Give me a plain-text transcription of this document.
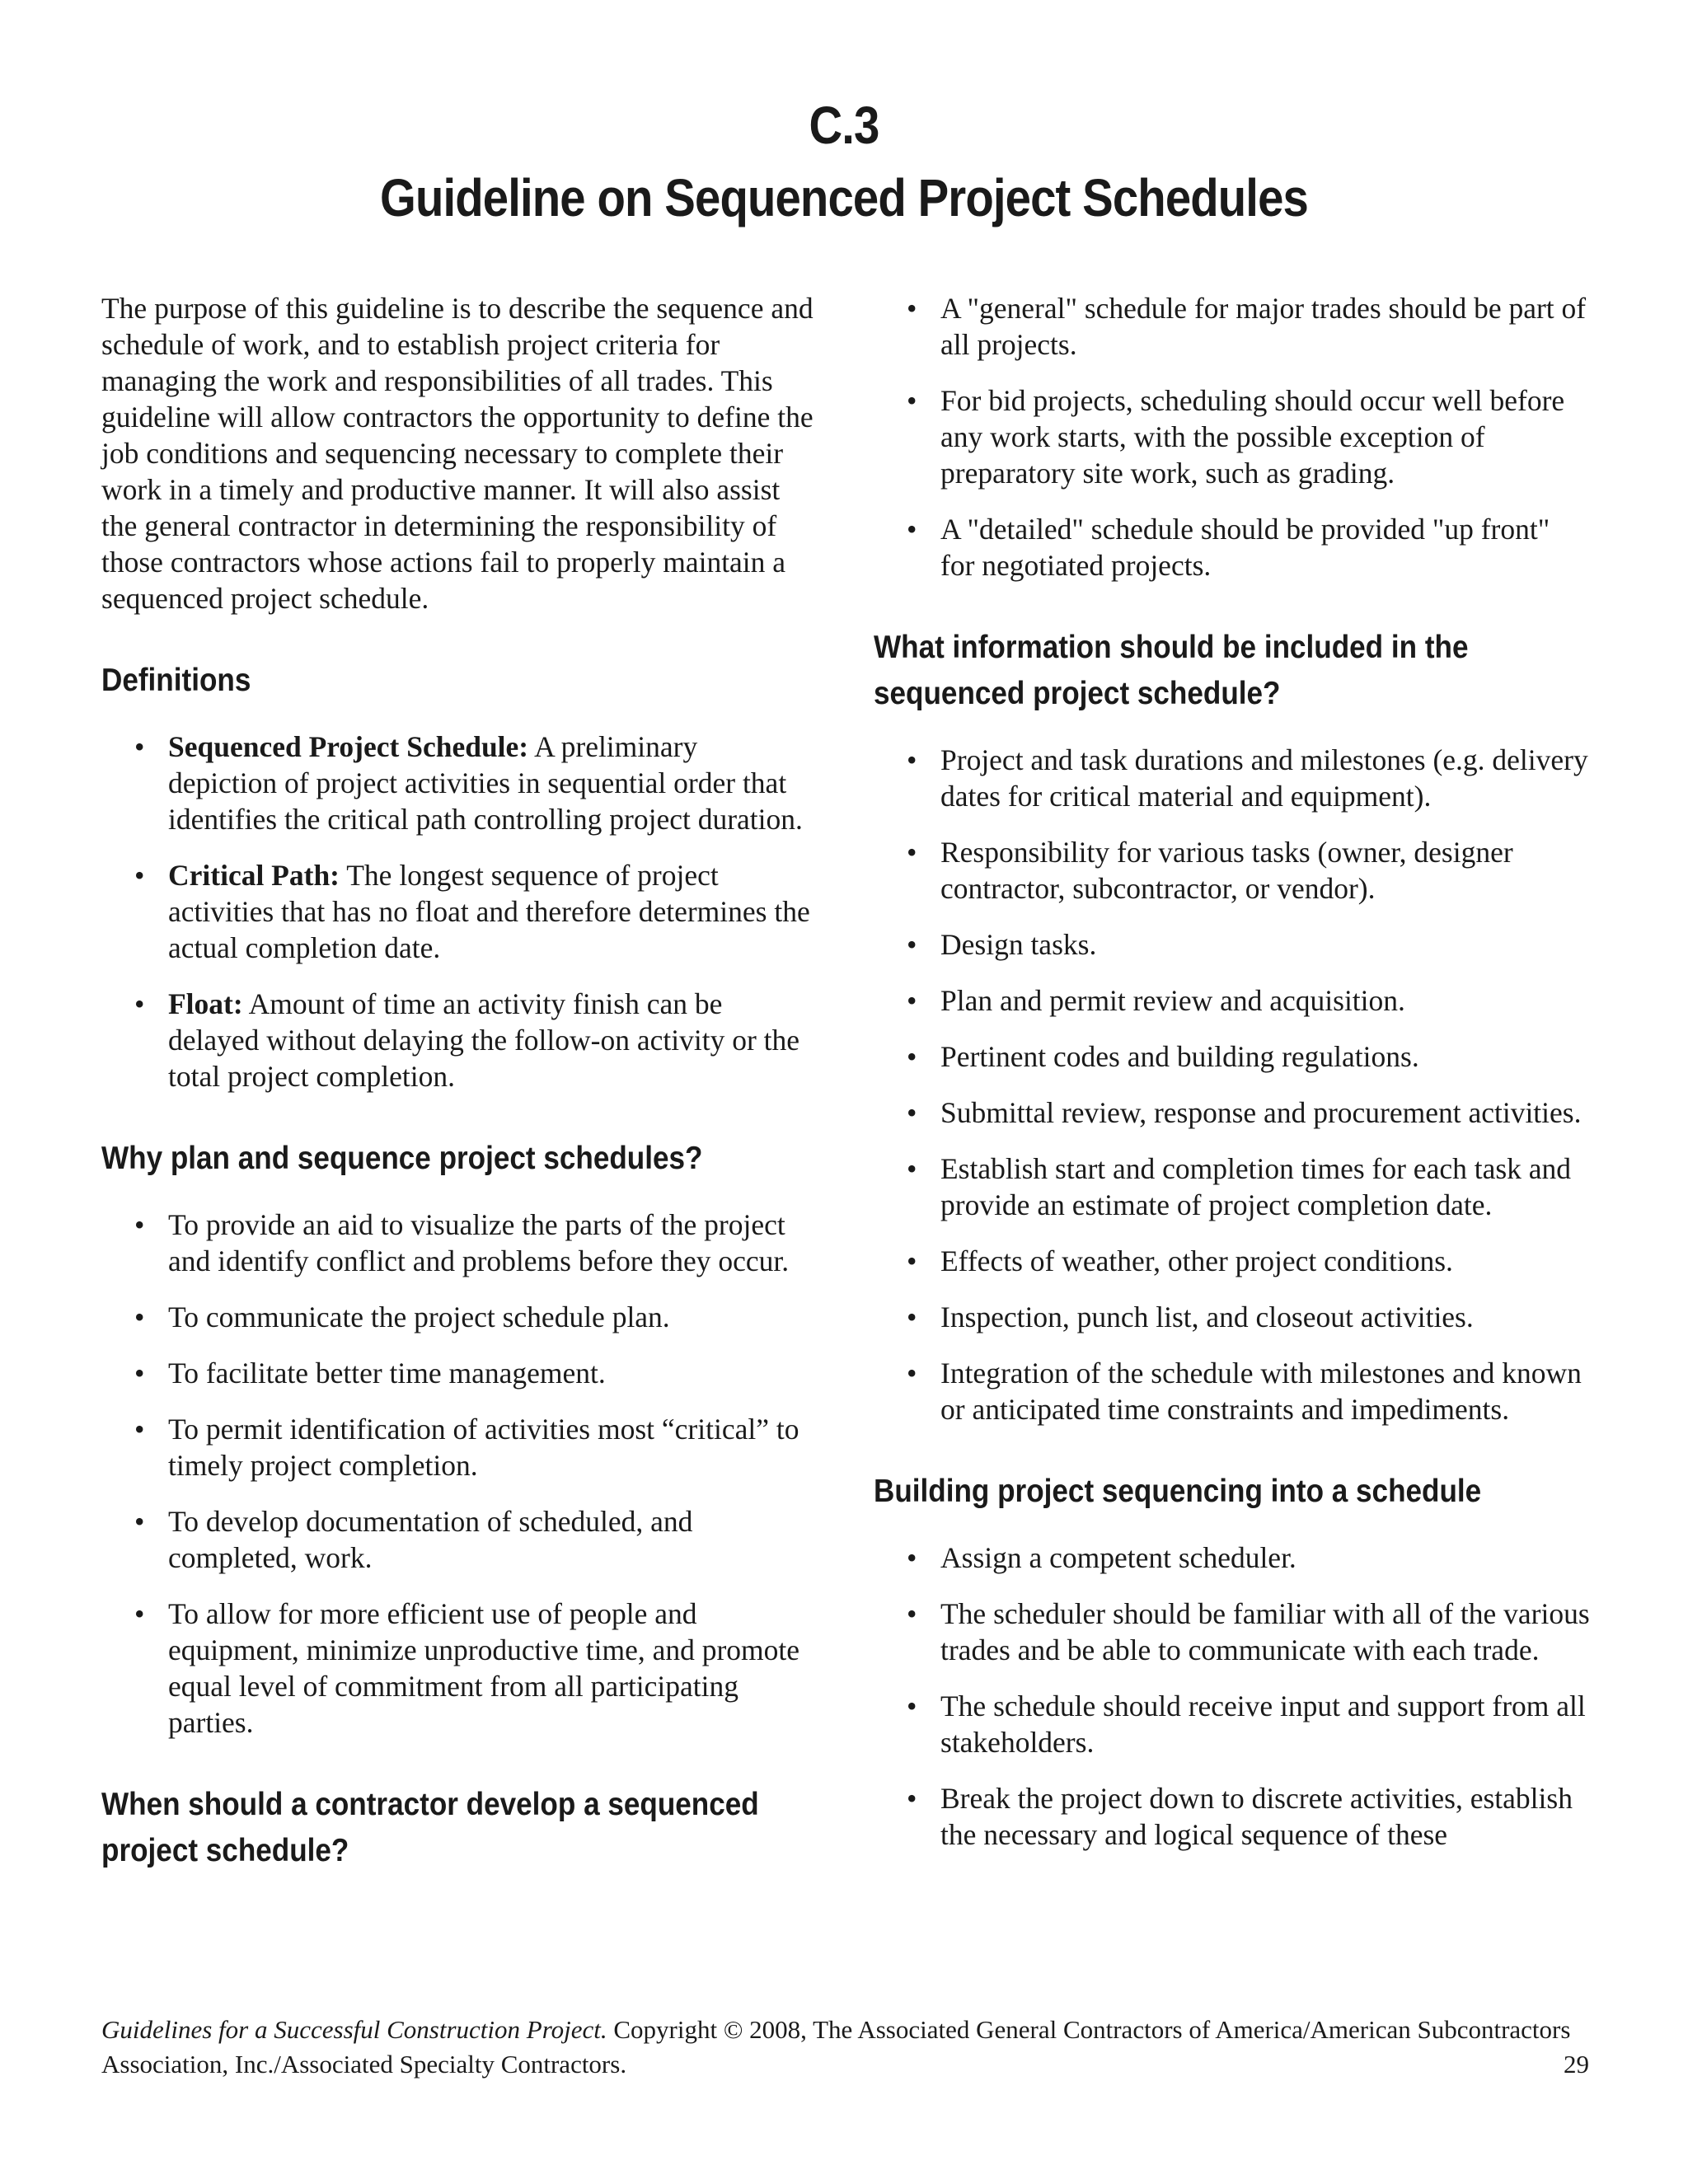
C.3
Guideline on Sequenced Project Schedules

The purpose of this guideline is to describe the sequence and schedule of work, and to establish project criteria for managing the work and responsibilities of all trades. This guideline will allow contractors the opportunity to define the job conditions and sequencing necessary to complete their work in a timely and productive manner. It will also assist the general contractor in determining the responsibility of those contractors whose actions fail to properly maintain a sequenced project schedule.

Definitions
• Sequenced Project Schedule: A preliminary depiction of project activities in sequential order that identifies the critical path controlling project duration.
• Critical Path: The longest sequence of project activities that has no float and therefore determines the actual completion date.
• Float: Amount of time an activity finish can be delayed without delaying the follow-on activity or the total project completion.
Why plan and sequence project schedules?
• To provide an aid to visualize the parts of the project and identify conflict and problems before they occur.
• To communicate the project schedule plan.
• To facilitate better time management.
• To permit identification of activities most “critical” to timely project completion.
• To develop documentation of scheduled, and completed, work.
• To allow for more efficient use of people and equipment, minimize unproductive time, and promote equal level of commitment from all participating parties.
When should a contractor develop a sequenced project schedule?
• A "general" schedule for major trades should be part of all projects.
• For bid projects, scheduling should occur well before any work starts, with the possible exception of preparatory site work, such as grading.
• A "detailed" schedule should be provided "up front" for negotiated projects.
What information should be included in the sequenced project schedule?
• Project and task durations and milestones (e.g. delivery dates for critical material and equipment).
• Responsibility for various tasks (owner, designer contractor, subcontractor, or vendor).
• Design tasks.
• Plan and permit review and acquisition.
• Pertinent codes and building regulations.
• Submittal review, response and procurement activities.
• Establish start and completion times for each task and provide an estimate of project completion date.
• Effects of weather, other project conditions.
• Inspection, punch list, and closeout activities.
• Integration of the schedule with milestones and known or anticipated time constraints and impediments.
Building project sequencing into a schedule
• Assign a competent scheduler.
• The scheduler should be familiar with all of the various trades and be able to communicate with each trade.
• The schedule should receive input and support from all stakeholders.
• Break the project down to discrete activities, establish the necessary and logical sequence of these
Guidelines for a Successful Construction Project. Copyright © 2008, The Associated General Contractors of America/American Subcontractors Association, Inc./Associated Specialty Contractors.	29
